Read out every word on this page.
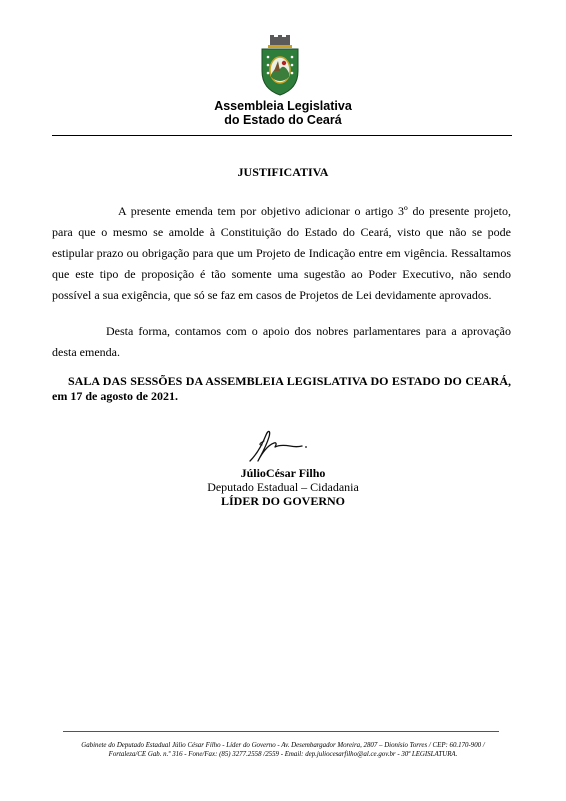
Assembleia Legislativa
do Estado do Ceará
JUSTIFICATIVA

A presente emenda tem por objetivo adicionar o artigo 3º do presente projeto, para que o mesmo se amolde à Constituição do Estado do Ceará, visto que não se pode estipular prazo ou obrigação para que um Projeto de Indicação entre em vigência. Ressaltamos que este tipo de proposição é tão somente uma sugestão ao Poder Executivo, não sendo possível a sua exigência, que só se faz em casos de Projetos de Lei devidamente aprovados.

Desta forma, contamos com o apoio dos nobres parlamentares para a aprovação desta emenda.

SALA DAS SESSÕES DA ASSEMBLEIA LEGISLATIVA DO ESTADO DO CEARÁ, em 17 de agosto de 2021.

JúlioCésar Filho
Deputado Estadual – Cidadania
LÍDER DO GOVERNO
Gabinete do Deputado Estadual Júlio César Filho - Líder do Governo - Av. Desembargador Moreira, 2807 – Dionísio Torres / CEP: 60.170-900 /
Fortaleza/CE Gab. n.º 316 - Fone/Fax: (85) 3277.2558 /2559 - Email: dep.juliocesarfilho@al.ce.gov.br - 30ª LEGISLATURA.
